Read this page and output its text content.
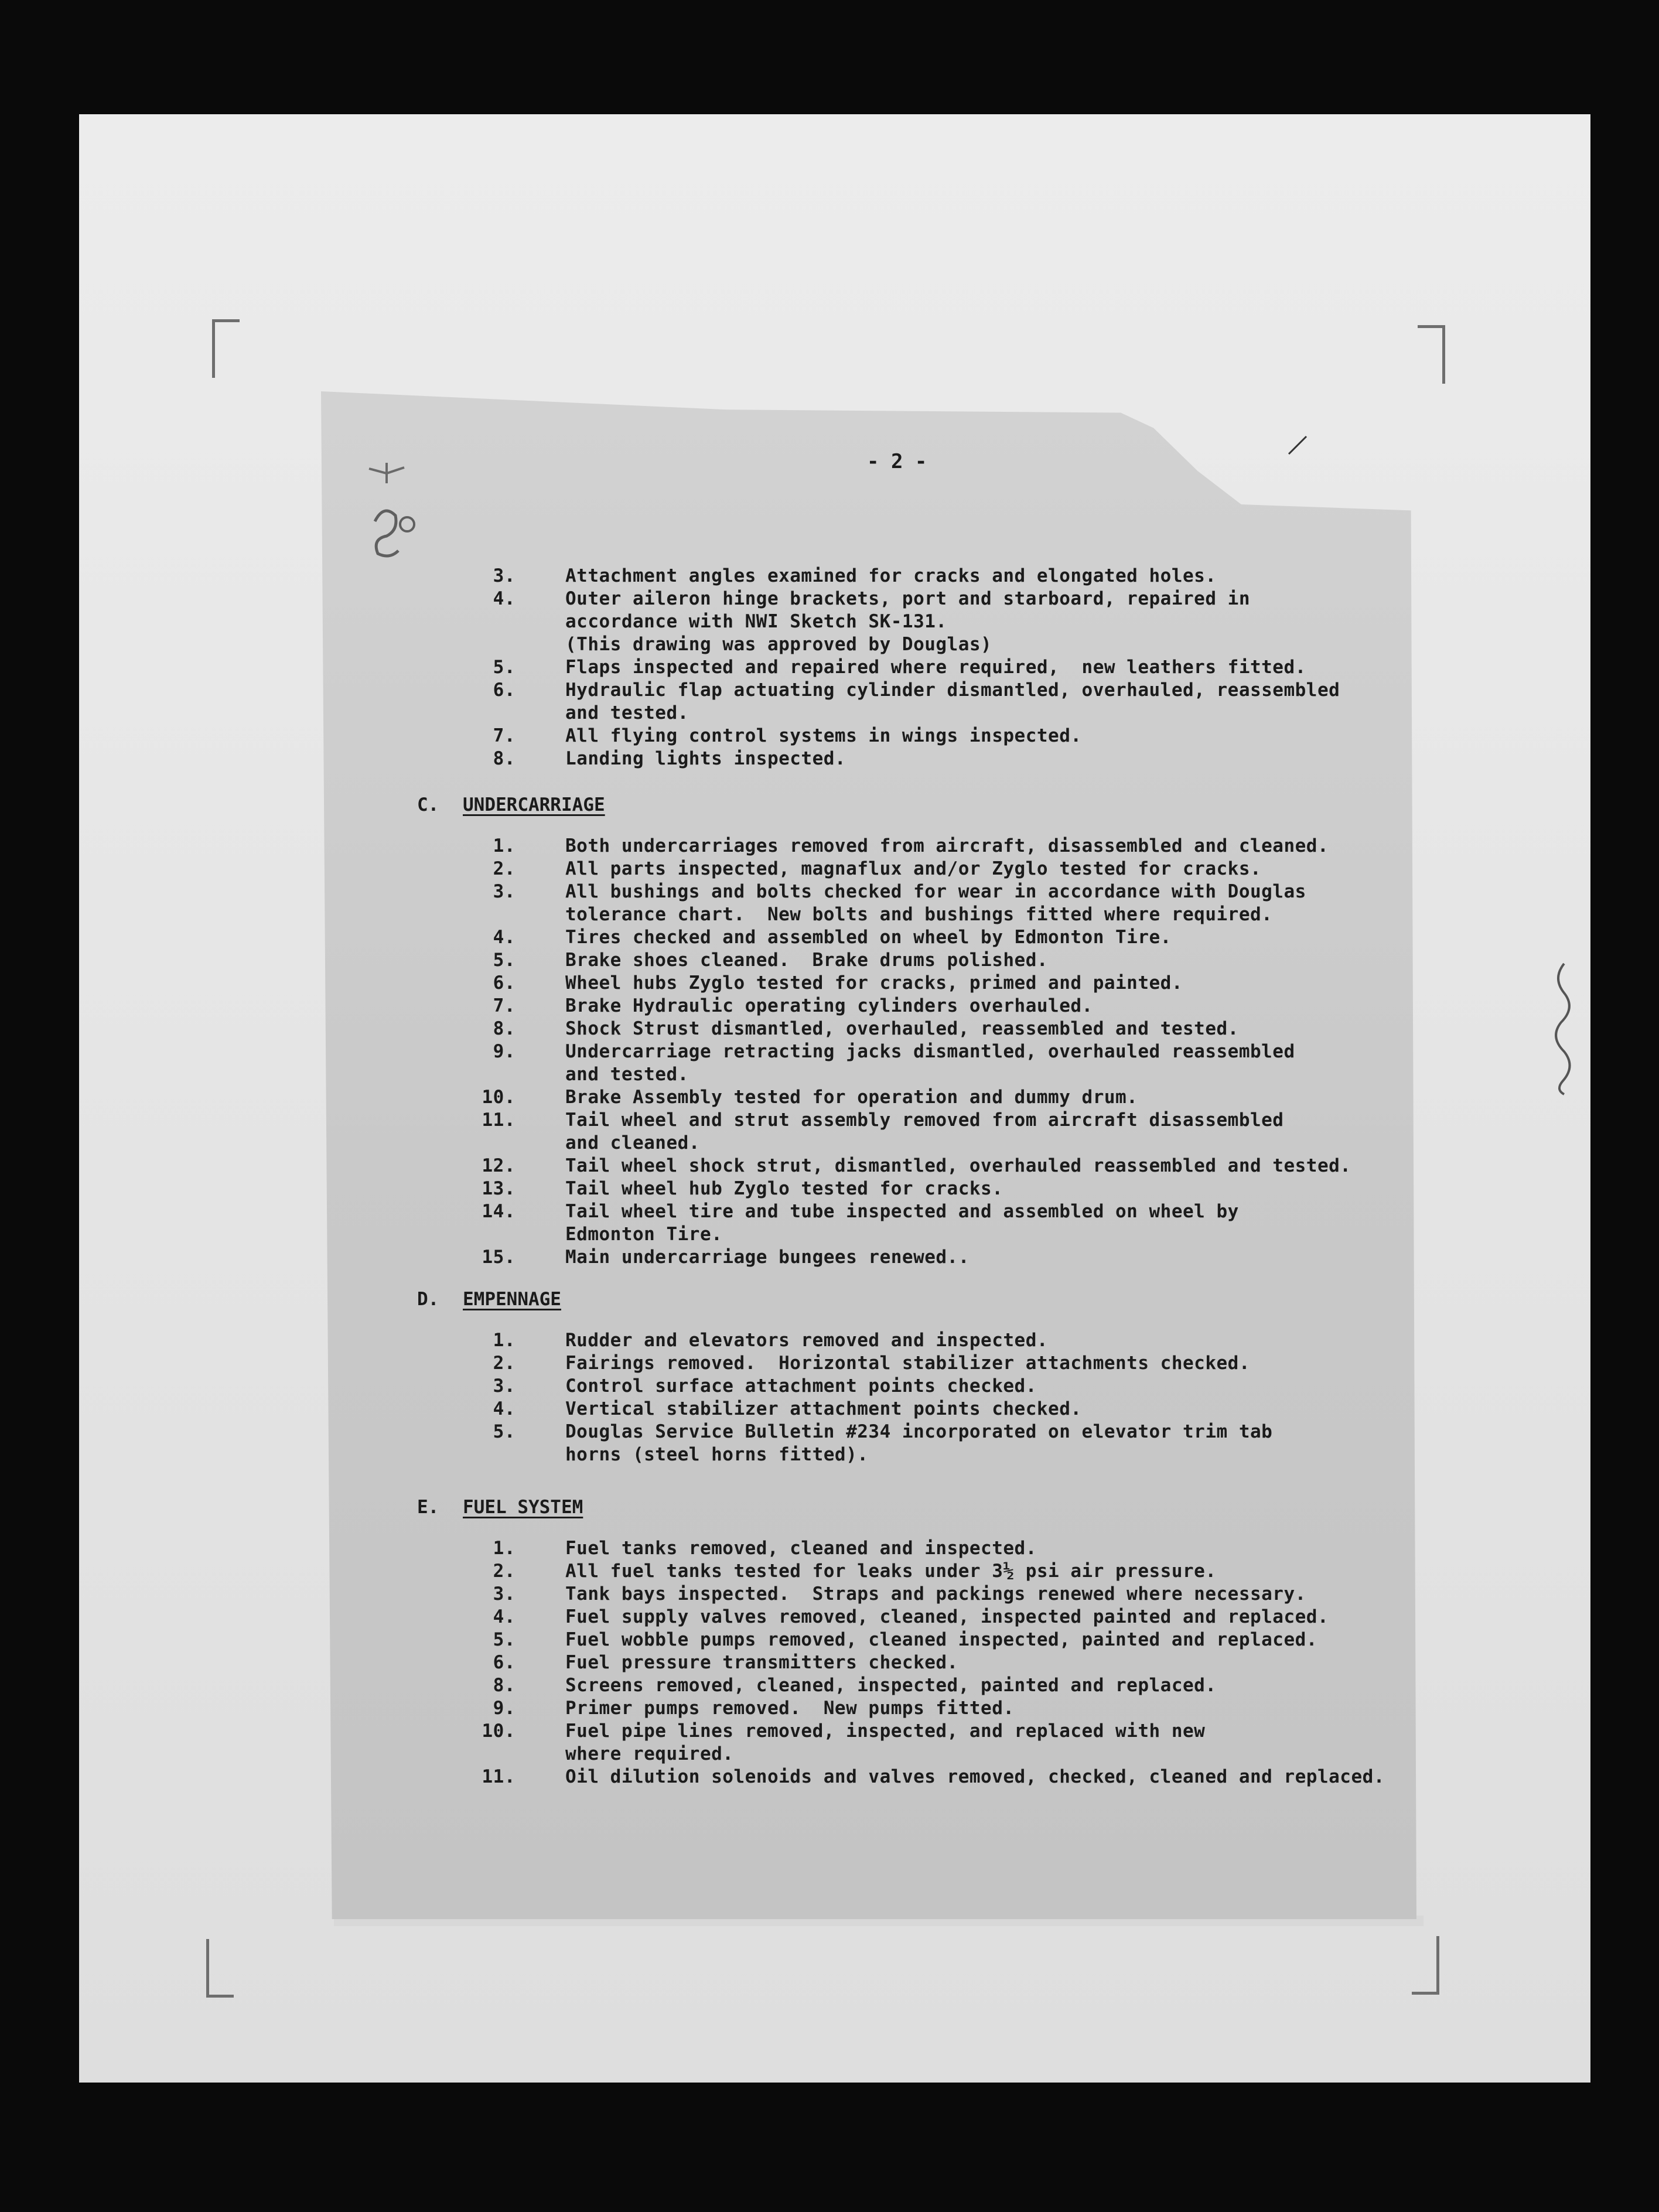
- 2 -
3.	Attachment angles examined for cracks and elongated holes.
4.	Outer aileron hinge brackets, port and starboard, repaired in
accordance with NWI Sketch SK-131.
(This drawing was approved by Douglas)
5.	Flaps inspected and repaired where required,  new leathers fitted.
6.	Hydraulic flap actuating cylinder dismantled, overhauled, reassembled
and tested.
7.	All flying control systems in wings inspected.
8.	Landing lights inspected.
C. UNDERCARRIAGE
1.	Both undercarriages removed from aircraft, disassembled and cleaned.
2.	All parts inspected, magnaflux and/or Zyglo tested for cracks.
3.	All bushings and bolts checked for wear in accordance with Douglas
tolerance chart.  New bolts and bushings fitted where required.
4.	Tires checked and assembled on wheel by Edmonton Tire.
5.	Brake shoes cleaned.  Brake drums polished.
6.	Wheel hubs Zyglo tested for cracks, primed and painted.
7.	Brake Hydraulic operating cylinders overhauled.
8.	Shock Strust dismantled, overhauled, reassembled and tested.
9.	Undercarriage retracting jacks dismantled, overhauled reassembled
and tested.
10.	Brake Assembly tested for operation and dummy drum.
11.	Tail wheel and strut assembly removed from aircraft disassembled
and cleaned.
12.	Tail wheel shock strut, dismantled, overhauled reassembled and tested.
13.	Tail wheel hub Zyglo tested for cracks.
14.	Tail wheel tire and tube inspected and assembled on wheel by
Edmonton Tire.
15.	Main undercarriage bungees renewed..
D. EMPENNAGE
1.	Rudder and elevators removed and inspected.
2.	Fairings removed.  Horizontal stabilizer attachments checked.
3.	Control surface attachment points checked.
4.	Vertical stabilizer attachment points checked.
5.	Douglas Service Bulletin #234 incorporated on elevator trim tab
horns (steel horns fitted).
E. FUEL SYSTEM
1.	Fuel tanks removed, cleaned and inspected.
2.	All fuel tanks tested for leaks under 3½ psi air pressure.
3.	Tank bays inspected.  Straps and packings renewed where necessary.
4.	Fuel supply valves removed, cleaned, inspected painted and replaced.
5.	Fuel wobble pumps removed, cleaned inspected, painted and replaced.
6.	Fuel pressure transmitters checked.
8.	Screens removed, cleaned, inspected, painted and replaced.
9.	Primer pumps removed.  New pumps fitted.
10.	Fuel pipe lines removed, inspected, and replaced with new
where required.
11.	Oil dilution solenoids and valves removed, checked, cleaned and replaced.
